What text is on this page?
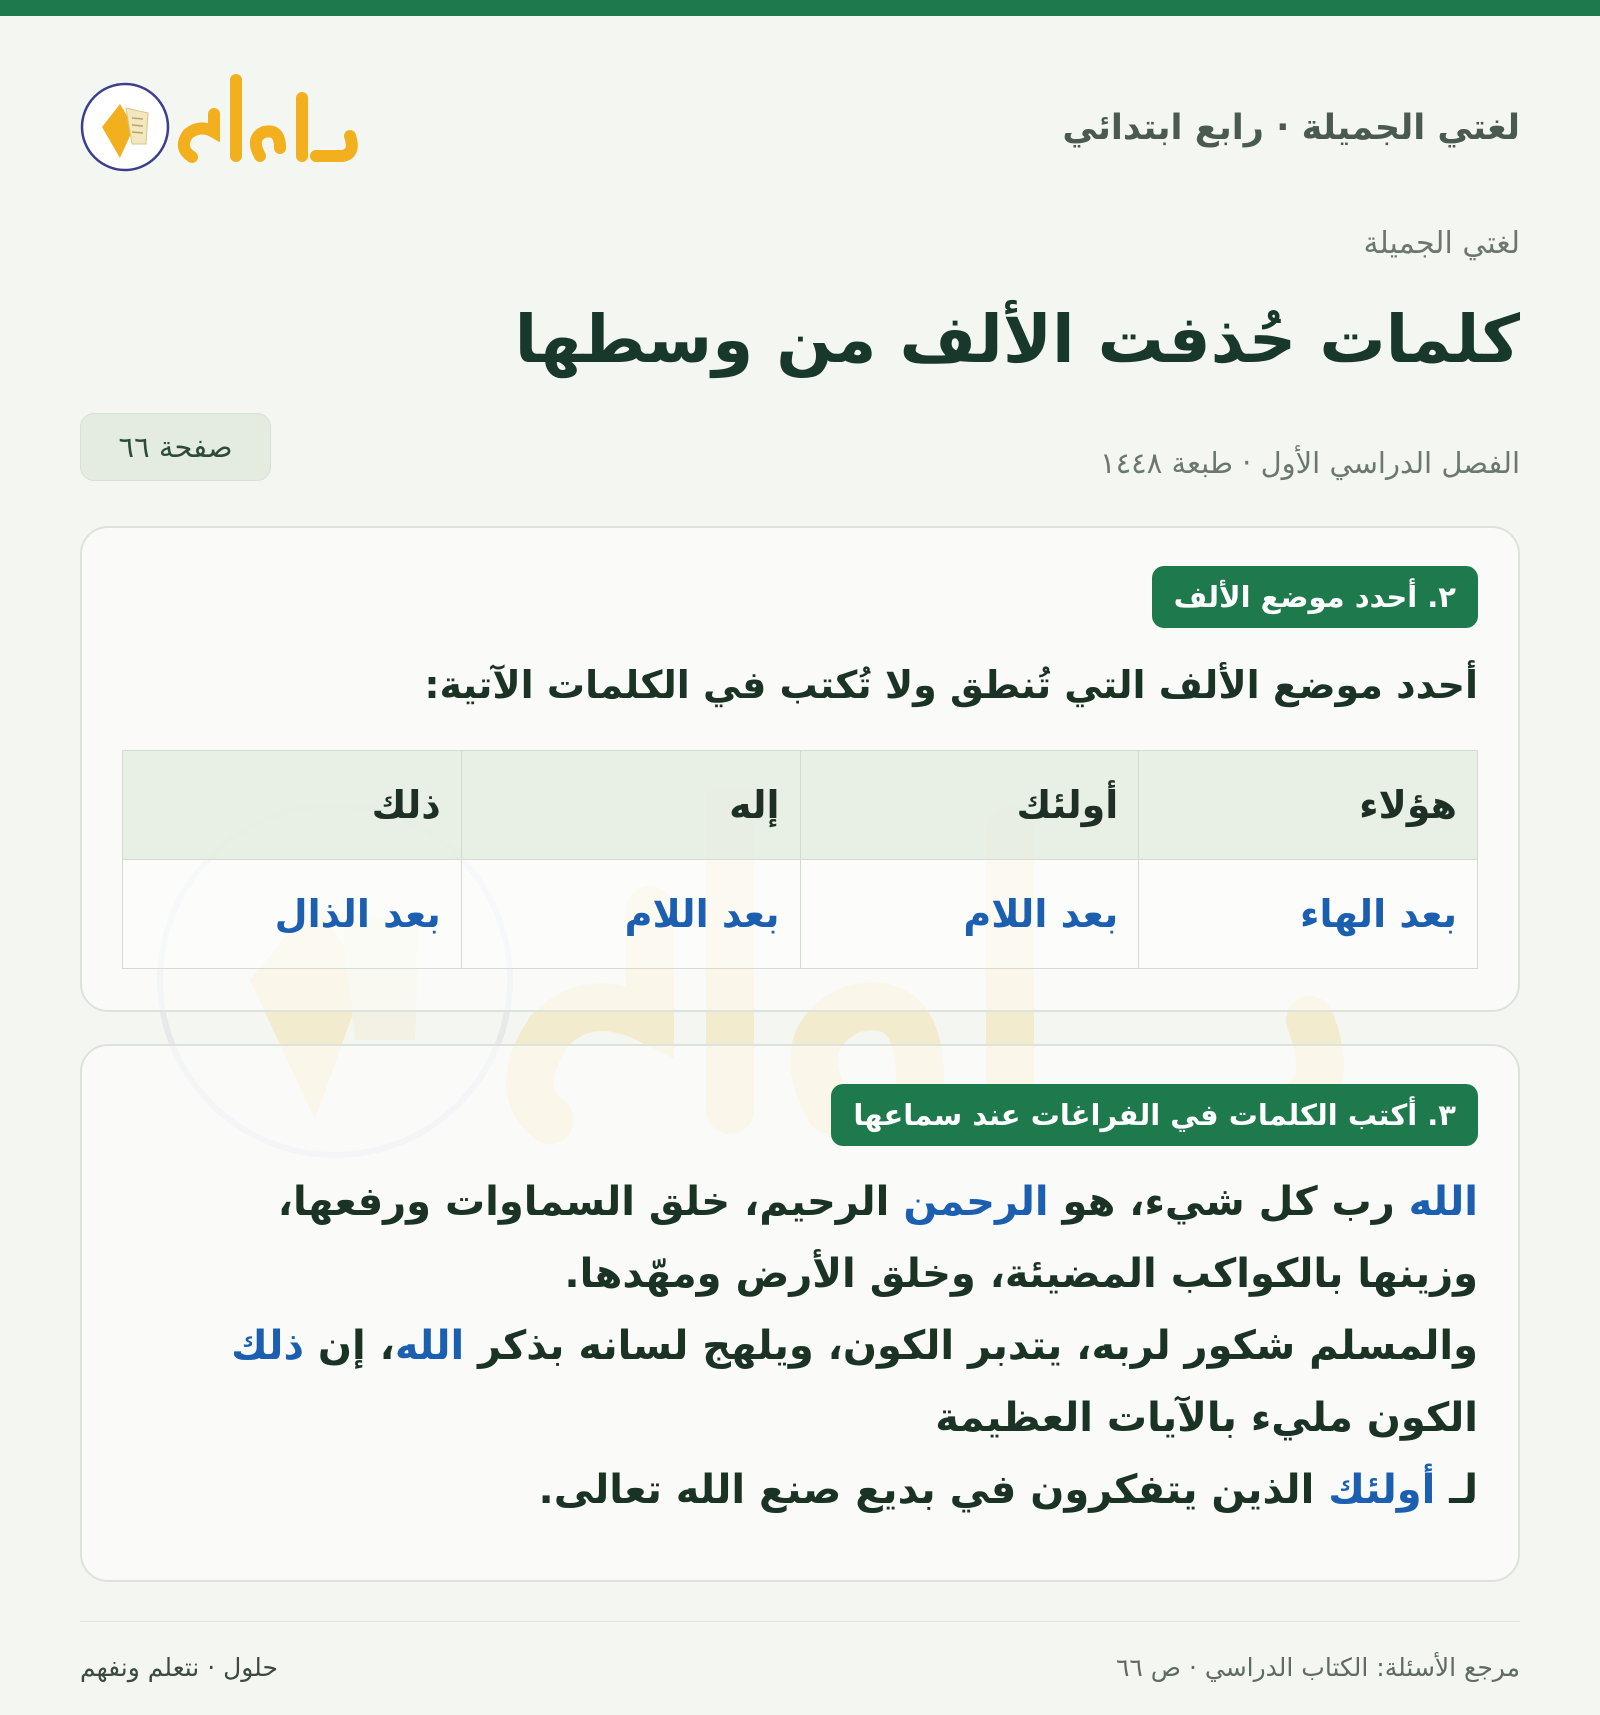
لغتي الجميلة · رابع ابتدائي
لغتي الجميلة
كلمات حُذفت الألف من وسطها
الفصل الدراسي الأول · طبعة ١٤٤٨
صفحة ٦٦
٢. أحدد موضع الألف
أحدد موضع الألف التي تُنطق ولا تُكتب في الكلمات الآتية:
هؤلاء	أولئك	إله	ذلك
بعد الهاء	بعد اللام	بعد اللام	بعد الذال
٣. أكتب الكلمات في الفراغات عند سماعها
الله رب كل شيء، هو الرحمن الرحيم، خلق السماوات ورفعها، وزينها بالكواكب المضيئة، وخلق الأرض ومهّدها.
والمسلم شكور لربه، يتدبر الكون، ويلهج لسانه بذكر الله، إن ذلك الكون مليء بالآيات العظيمة
لـ أولئك الذين يتفكرون في بديع صنع الله تعالى.
مرجع الأسئلة: الكتاب الدراسي · ص ٦٦
حلول · نتعلم ونفهم
